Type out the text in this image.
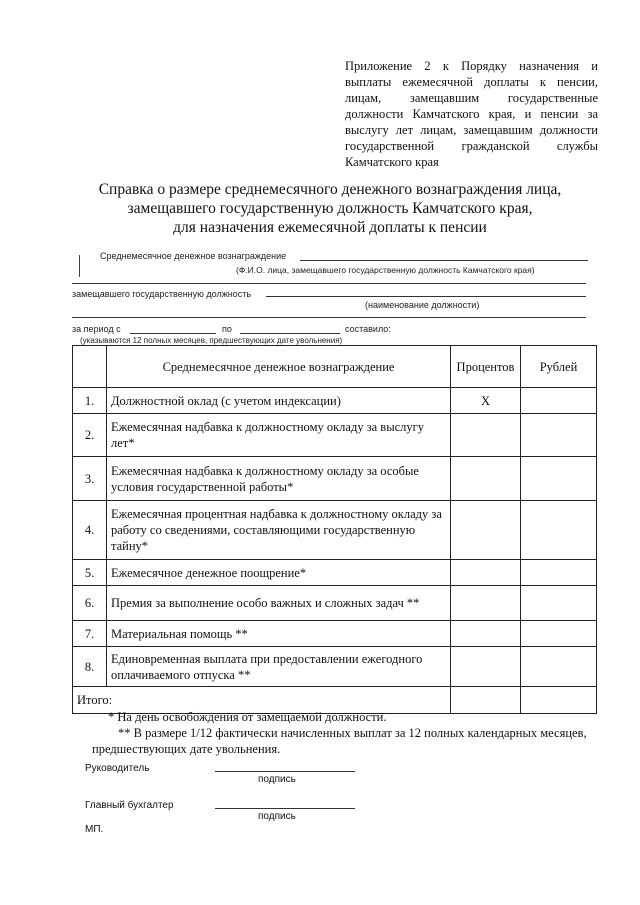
Приложение 2 к Порядку назначения и выплаты ежемесячной доплаты к пенсии, лицам, замещавшим государственные должности Камчатского края, и пенсии за выслугу лет лицам, замещавшим должности государственной гражданской службы Камчатского края
Справка о размере среднемесячного денежного вознаграждения лица,
замещавшего государственную должность Камчатского края,
для назначения ежемесячной доплаты к пенсии
Среднемесячное денежное вознаграждение
(Ф.И.О. лица, замещавшего государственную должность Камчатского края)
замещавшего государственную должность
(наименование должности)
за период с	по	составило:
(указываются 12 полных месяцев, предшествующих дате увольнения)
	Среднемесячное денежное вознаграждение	Процентов	Рублей
1.	Должностной оклад (с учетом индексации)	Х	
2.	Ежемесячная надбавка к должностному окладу за выслугу лет*		
3.	Ежемесячная надбавка к должностному окладу за особые условия государственной работы*		
4.	Ежемесячная процентная надбавка к должностному окладу за работу со сведениями, составляющими государственную тайну*		
5.	Ежемесячное денежное поощрение*		
6.	Премия за выполнение особо важных и сложных задач **		
7.	Материальная помощь **		
8.	Единовременная выплата при предоставлении ежегодного оплачиваемого отпуска **		
Итого:			
* На день освобождения от замещаемой должности.
** В размере 1/12 фактически начисленных выплат за 12 полных календарных месяцев, предшествующих дате увольнения.
Руководитель
подпись
Главный бухгалтер
подпись
МП.
